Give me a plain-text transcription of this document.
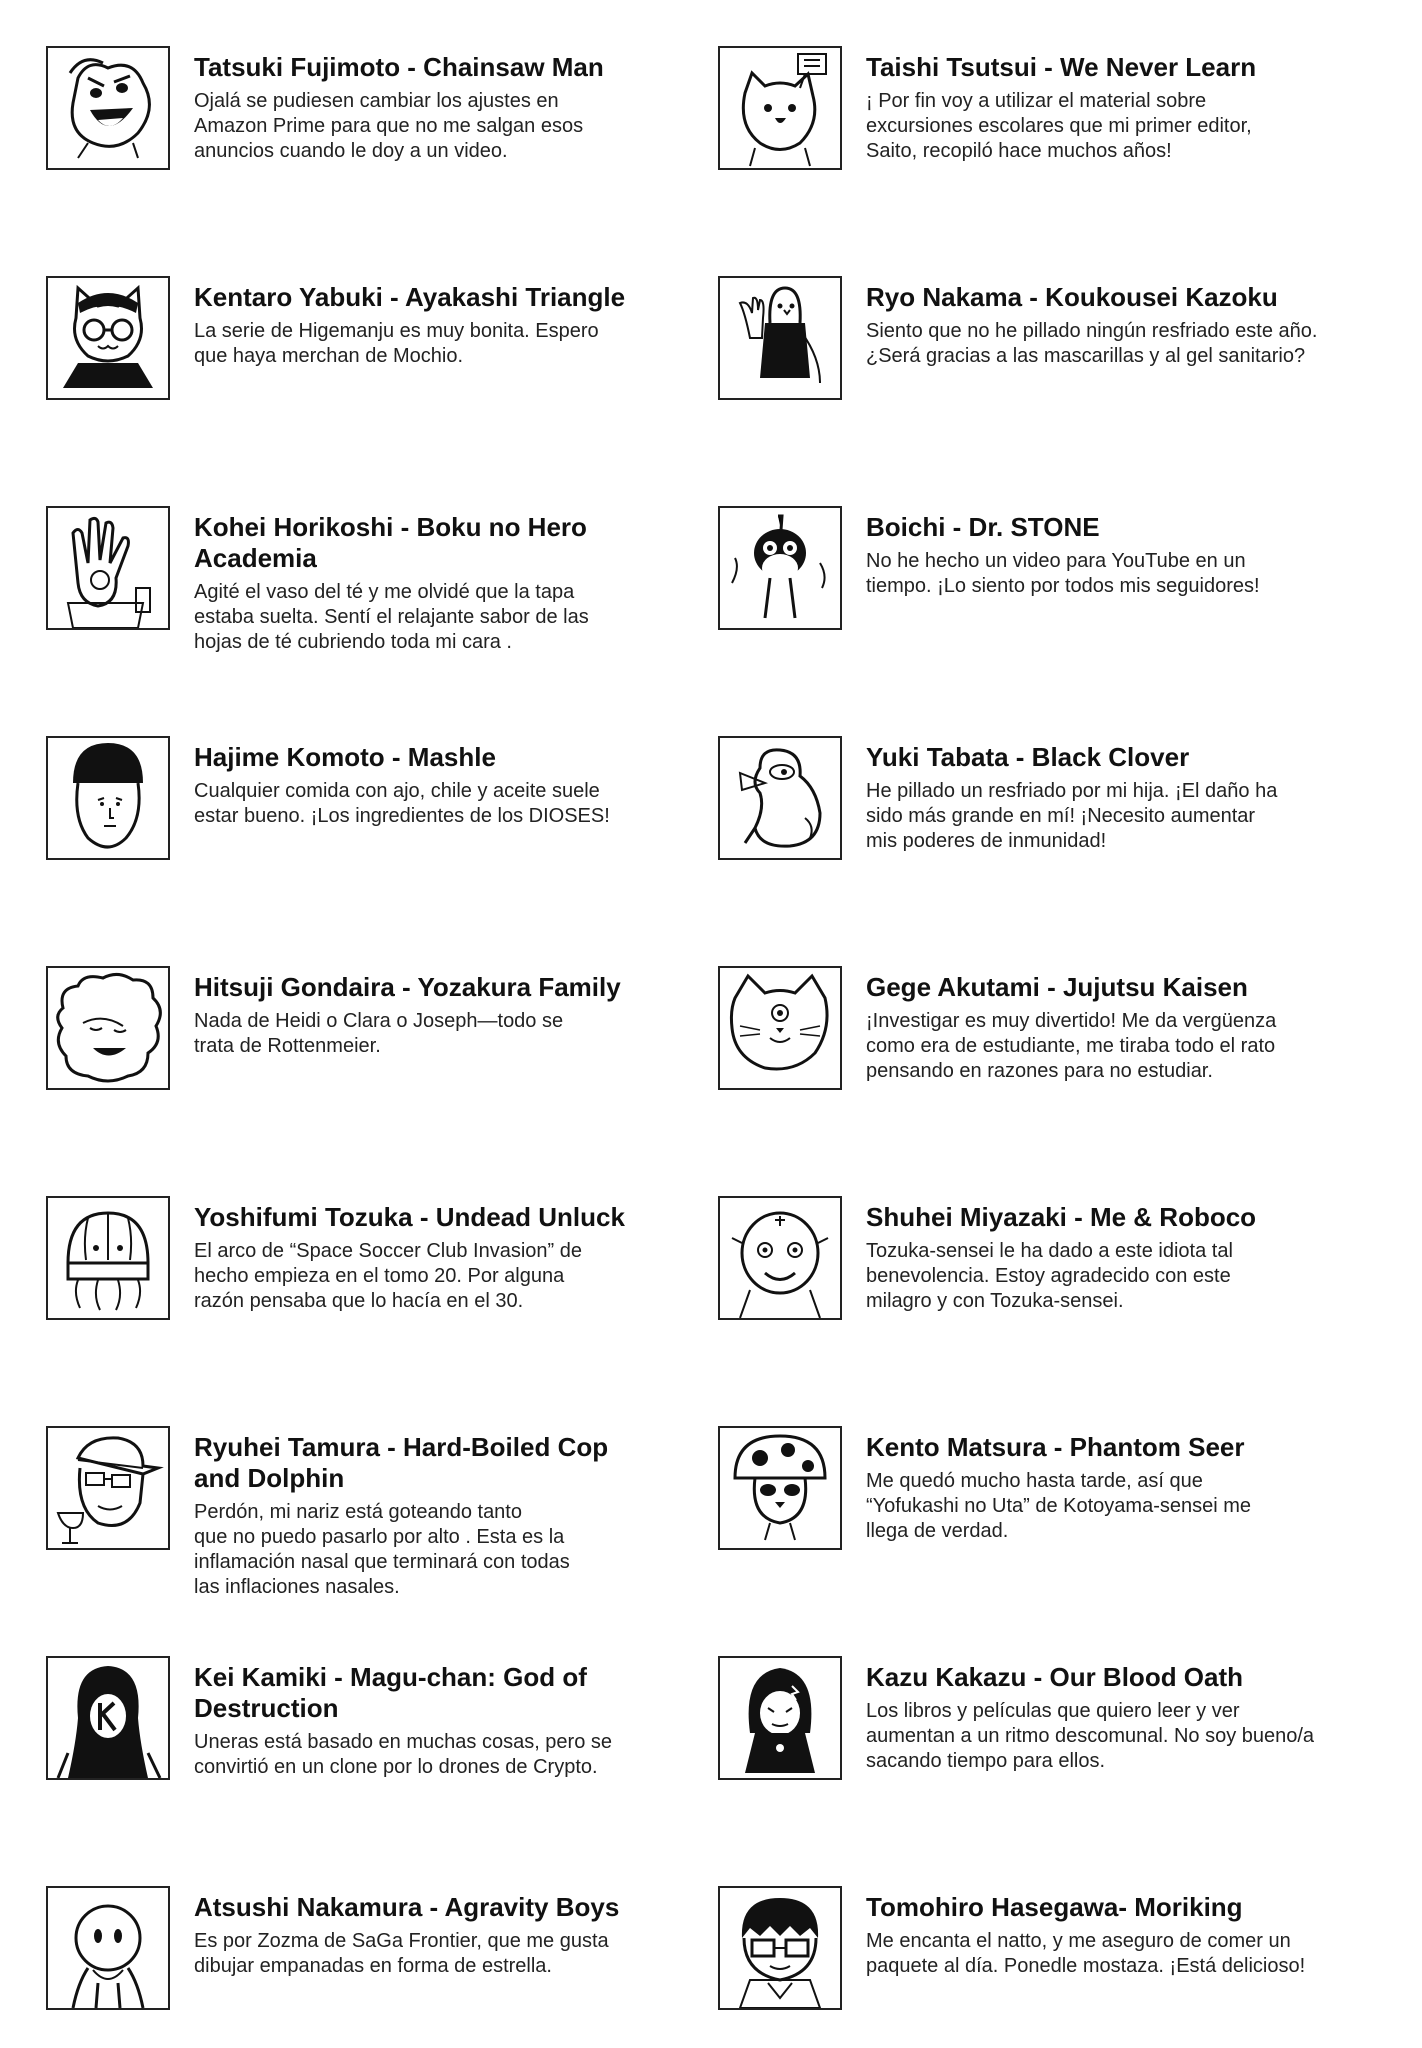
Tatsuki Fujimoto - Chainsaw Man
Ojalá se pudiesen cambiar los ajustes en
Amazon Prime para que no me salgan esos
anuncios cuando le doy a un video.
Taishi Tsutsui - We Never Learn
¡ Por fin voy a utilizar el material sobre
excursiones escolares que mi primer editor,
Saito, recopiló hace muchos años!
Kentaro Yabuki - Ayakashi Triangle
La serie de Higemanju es muy bonita. Espero
que haya merchan de Mochio.
Ryo Nakama - Koukousei Kazoku
Siento que no he pillado ningún resfriado este año.
¿Será gracias a las mascarillas y al gel sanitario?
Kohei Horikoshi - Boku no Hero
Academia
Agité el vaso del té y me olvidé que la tapa
estaba suelta. Sentí el relajante sabor de las
hojas de té cubriendo toda mi cara .
Boichi - Dr. STONE
No he hecho un video para YouTube en un
tiempo. ¡Lo siento por todos mis seguidores!
Hajime Komoto - Mashle
Cualquier comida con ajo, chile y aceite suele
estar bueno. ¡Los ingredientes de los DIOSES!
Yuki Tabata - Black Clover
He pillado un resfriado por mi hija. ¡El daño ha
sido más grande en mí! ¡Necesito aumentar
mis poderes de inmunidad!
Hitsuji Gondaira - Yozakura Family
Nada de Heidi o Clara o Joseph—todo se
trata de Rottenmeier.
Gege Akutami - Jujutsu Kaisen
¡Investigar es muy divertido! Me da vergüenza
como era de estudiante, me tiraba todo el rato
pensando en razones para no estudiar.
Yoshifumi Tozuka - Undead Unluck
El arco de “Space Soccer Club Invasion” de
hecho empieza en el tomo 20. Por alguna
razón pensaba que lo hacía en el 30.
Shuhei Miyazaki - Me & Roboco
Tozuka-sensei le ha dado a este idiota tal
benevolencia. Estoy agradecido con este
milagro y con Tozuka-sensei.
Ryuhei Tamura - Hard-Boiled Cop
and Dolphin
Perdón, mi nariz está goteando tanto
que no puedo pasarlo por alto . Esta es la
inflamación nasal que terminará con todas
las inflaciones nasales.
Kento Matsura - Phantom Seer
Me quedó mucho hasta tarde, así que
“Yofukashi no Uta” de Kotoyama-sensei me
llega de verdad.
Kei Kamiki - Magu-chan: God of
Destruction
Uneras está basado en muchas cosas, pero se
convirtió en un clone por lo drones de Crypto.
Kazu Kakazu - Our Blood Oath
Los libros y películas que quiero leer y ver
aumentan a un ritmo descomunal. No soy bueno/a
sacando tiempo para ellos.
Atsushi Nakamura - Agravity Boys
Es por Zozma de SaGa Frontier, que me gusta
dibujar empanadas en forma de estrella.
Tomohiro Hasegawa- Moriking
Me encanta el natto, y me aseguro de comer un
paquete al día. Ponedle mostaza. ¡Está delicioso!
